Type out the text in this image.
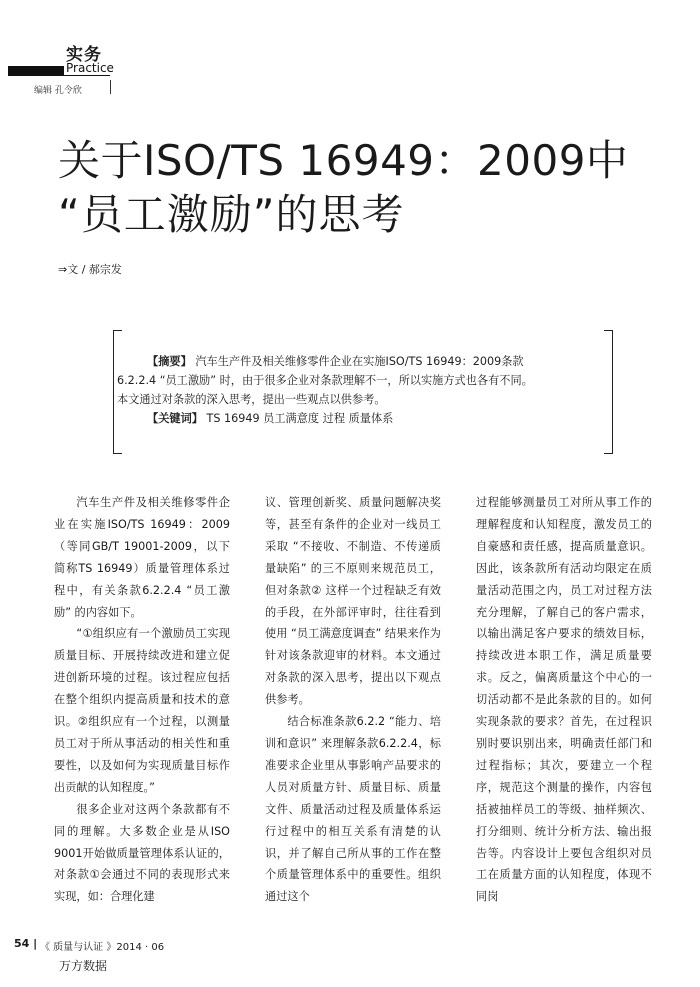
实务
Practice
编辑 孔令欣
关于ISO/TS 16949：2009中
“员工激励”的思考
⇒文 / 郝宗发

【摘要】 汽车生产件及相关维修零件企业在实施ISO/TS 16949：2009条款

6.2.2.4 “员工激励” 时，由于很多企业对条款理解不一，所以实施方式也各有不同。

本文通过对条款的深入思考，提出一些观点以供参考。

【关键词】 TS 16949 员工满意度 过程 质量体系

汽车生产件及相关维修零件企业在实施ISO/TS 16949：2009（等同GB/T 19001-2009，以下简称TS 16949）质量管理体系过程中，有关条款6.2.2.4 “员工激励” 的内容如下。

“①组织应有一个激励员工实现质量目标、开展持续改进和建立促进创新环境的过程。该过程应包括在整个组织内提高质量和技术的意识。②组织应有一个过程，以测量员工对于所从事活动的相关性和重要性，以及如何为实现质量目标作出贡献的认知程度。”

很多企业对这两个条款都有不同的理解。大多数企业是从ISO 9001开始做质量管理体系认证的，对条款①会通过不同的表现形式来实现，如：合理化建

议、管理创新奖、质量问题解决奖等，甚至有条件的企业对一线员工采取 “不接收、不制造、不传递质量缺陷” 的三不原则来规范员工，但对条款② 这样一个过程缺乏有效的手段，在外部评审时，往往看到使用 “员工满意度调查” 结果来作为针对该条款迎审的材料。本文通过对条款的深入思考，提出以下观点供参考。

结合标准条款6.2.2 “能力、培训和意识” 来理解条款6.2.2.4，标准要求企业里从事影响产品要求的人员对质量方针、质量目标、质量文件、质量活动过程及质量体系运行过程中的相互关系有清楚的认识，并了解自己所从事的工作在整个质量管理体系中的重要性。组织通过这个

过程能够测量员工对所从事工作的理解程度和认知程度，激发员工的自豪感和责任感，提高质量意识。因此，该条款所有活动均限定在质量活动范围之内，员工对过程方法充分理解，了解自己的客户需求，以输出满足客户要求的绩效目标，持续改进本职工作，满足质量要求。反之，偏离质量这个中心的一切活动都不是此条款的目的。如何实现条款的要求？首先，在过程识别时要识别出来，明确责任部门和过程指标；其次，要建立一个程序，规范这个测量的操作，内容包括被抽样员工的等级、抽样频次、打分细则、统计分析方法、输出报告等。内容设计上要包含组织对员工在质量方面的认知程度，体现不同岗

54 | 《 质量与认证 》2014 · 06
万方数据
